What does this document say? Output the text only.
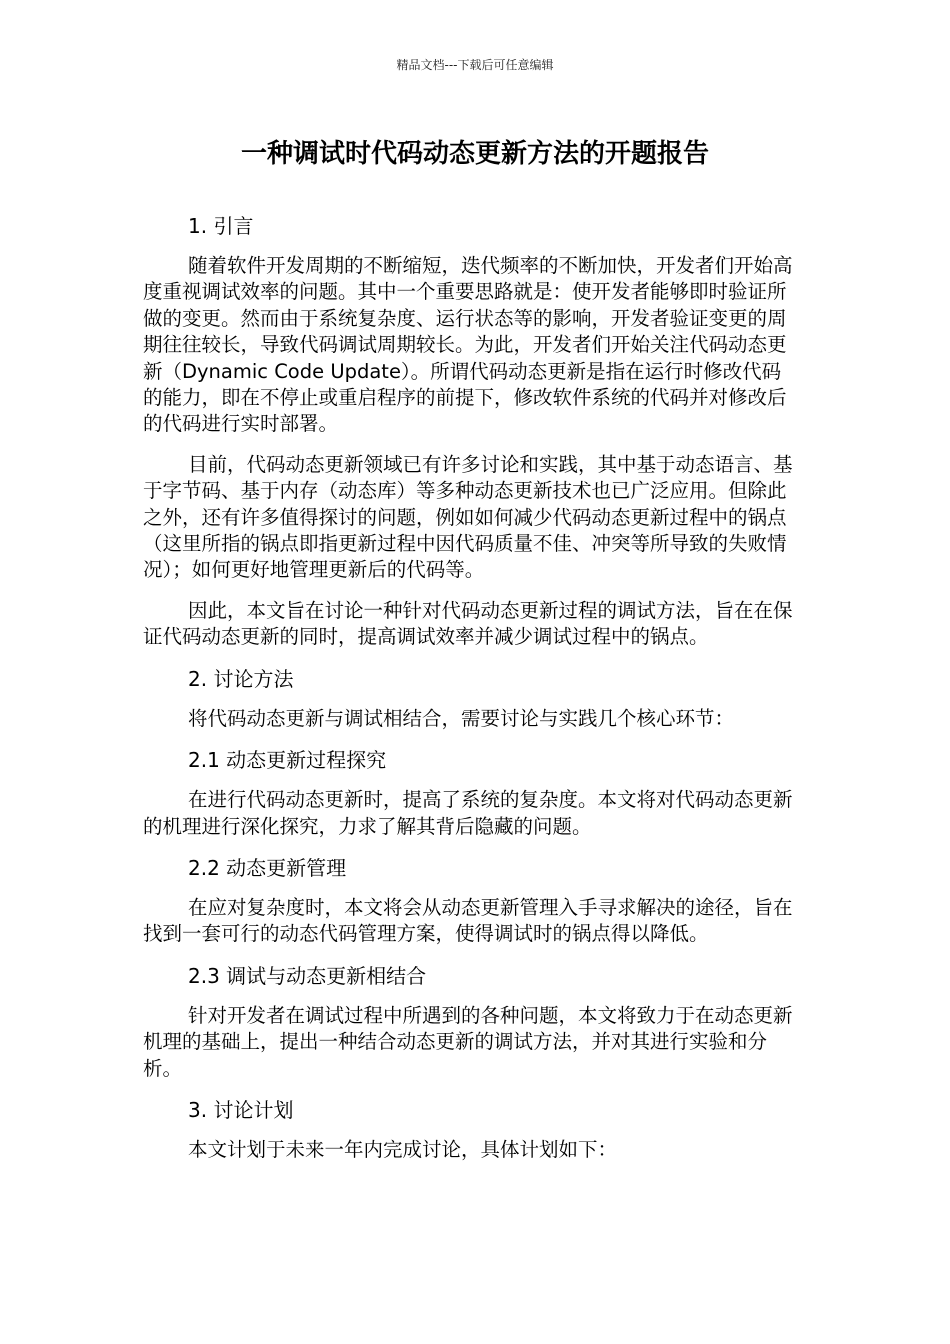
精品文档---下载后可任意编辑
一种调试时代码动态更新方法的开题报告

1. 引言

随着软件开发周期的不断缩短，迭代频率的不断加快，开发者们开始高度重视调试效率的问题。其中一个重要思路就是：使开发者能够即时验证所做的变更。然而由于系统复杂度、运行状态等的影响，开发者验证变更的周期往往较长，导致代码调试周期较长。为此，开发者们开始关注代码动态更新（Dynamic Code Update）。所谓代码动态更新是指在运行时修改代码的能力，即在不停止或重启程序的前提下，修改软件系统的代码并对修改后的代码进行实时部署。

目前，代码动态更新领域已有许多讨论和实践，其中基于动态语言、基于字节码、基于内存（动态库）等多种动态更新技术也已广泛应用。但除此之外，还有许多值得探讨的问题，例如如何减少代码动态更新过程中的锅点（这里所指的锅点即指更新过程中因代码质量不佳、冲突等所导致的失败情况）；如何更好地管理更新后的代码等。

因此，本文旨在讨论一种针对代码动态更新过程的调试方法，旨在在保证代码动态更新的同时，提高调试效率并减少调试过程中的锅点。

2. 讨论方法

将代码动态更新与调试相结合，需要讨论与实践几个核心环节：

2.1 动态更新过程探究

在进行代码动态更新时，提高了系统的复杂度。本文将对代码动态更新的机理进行深化探究，力求了解其背后隐藏的问题。

2.2 动态更新管理

在应对复杂度时，本文将会从动态更新管理入手寻求解决的途径，旨在找到一套可行的动态代码管理方案，使得调试时的锅点得以降低。

2.3 调试与动态更新相结合

针对开发者在调试过程中所遇到的各种问题，本文将致力于在动态更新机理的基础上，提出一种结合动态更新的调试方法，并对其进行实验和分析。

3. 讨论计划

本文计划于未来一年内完成讨论，具体计划如下：
